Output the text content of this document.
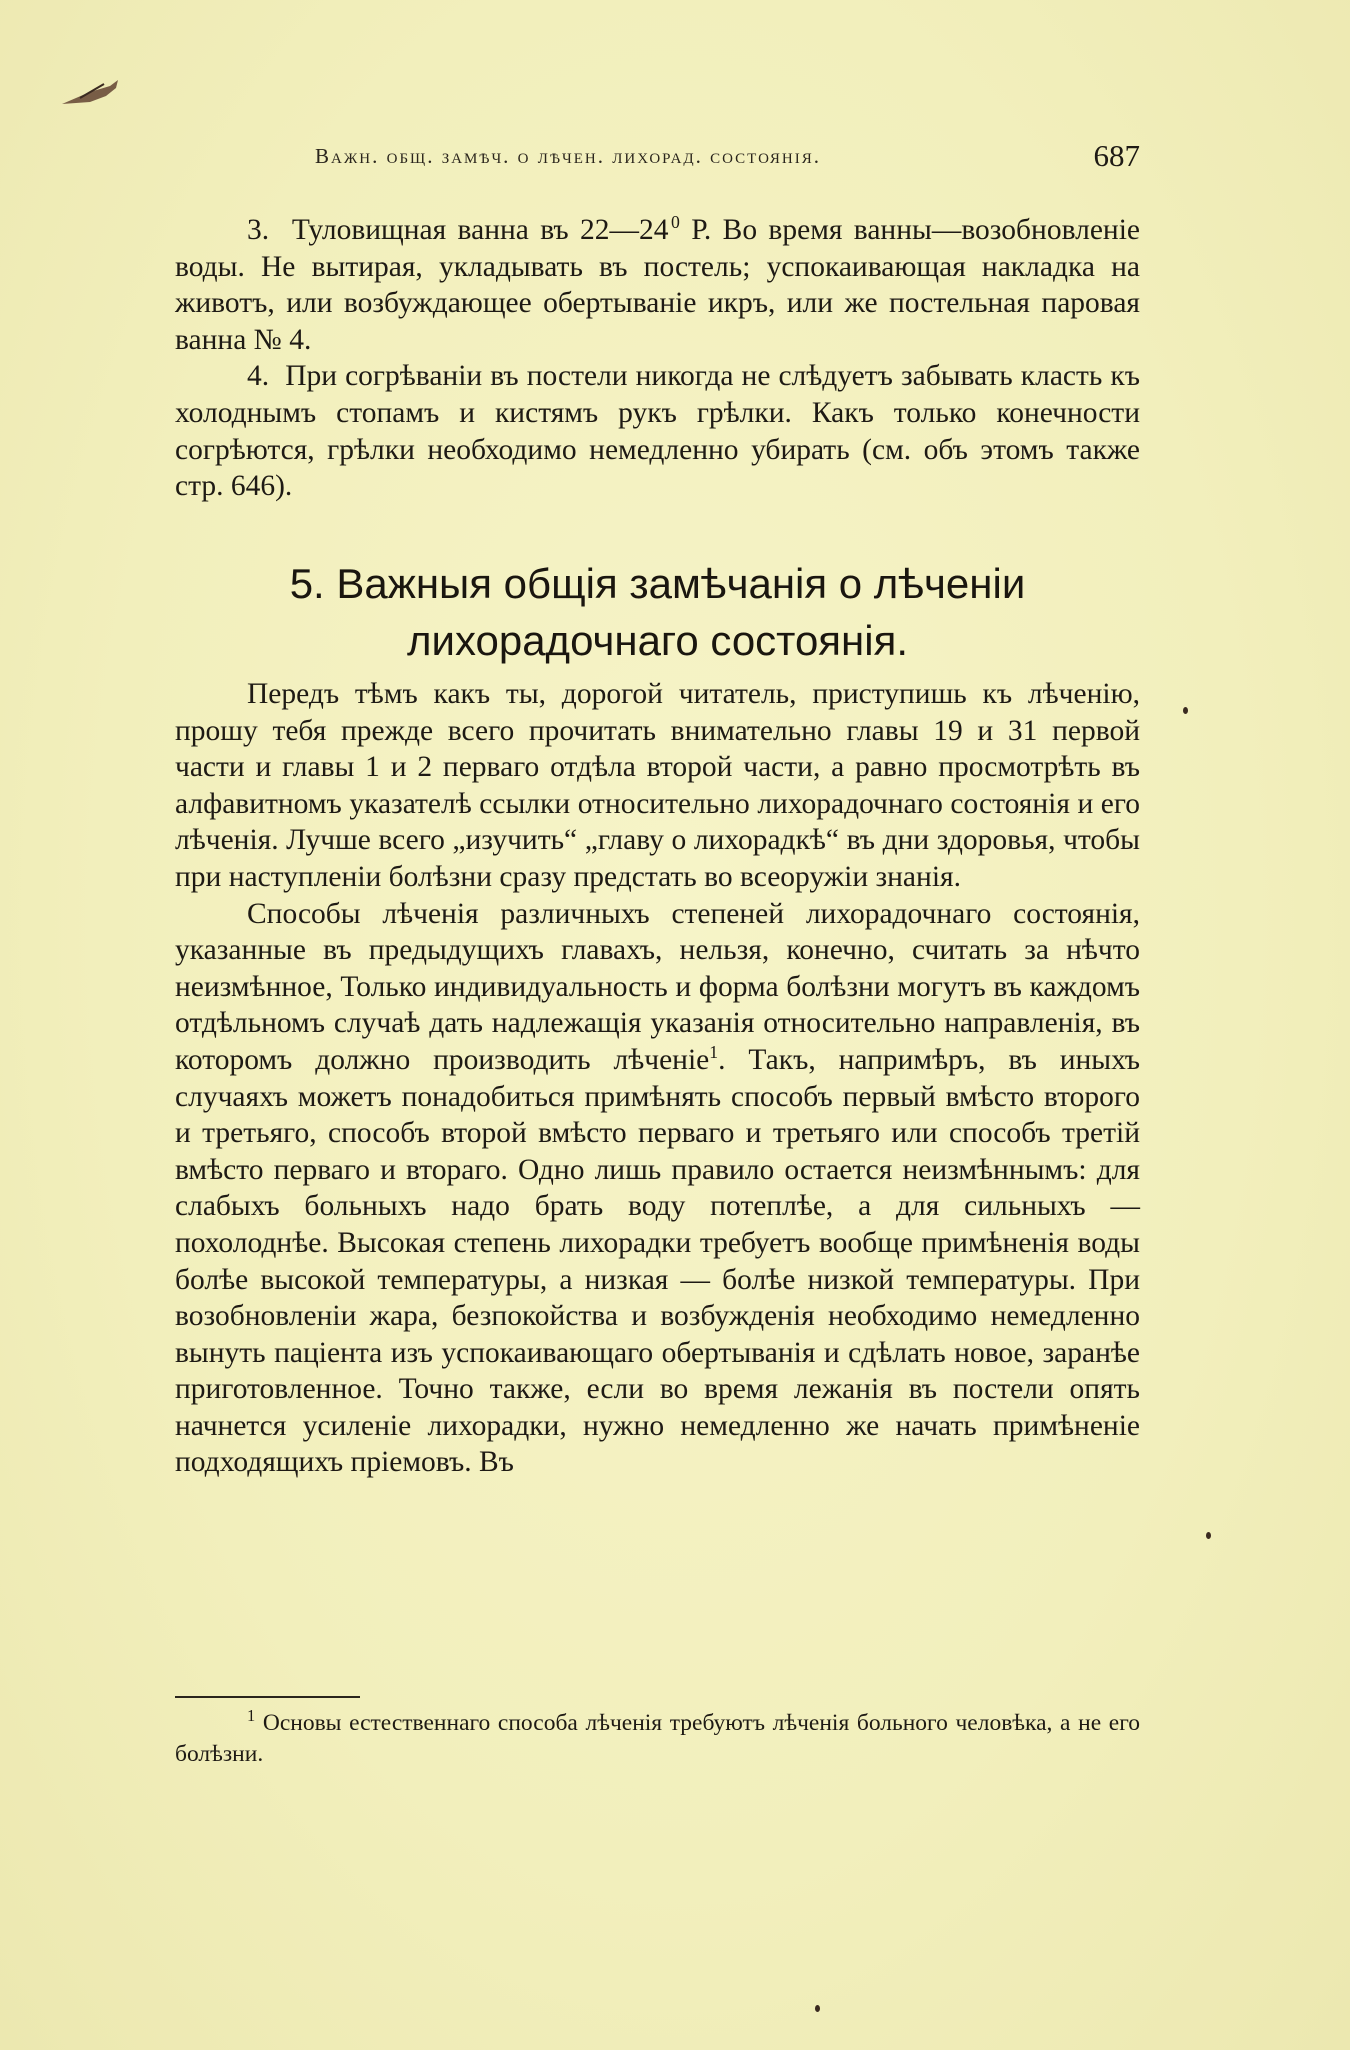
Важн. общ. замѣч. о лѣчен. лихорад. состоянія.	687

3. Туловищная ванна въ 22—24  $^0$ Р. Во время ванны—возобновленіе воды. Не вытирая, укладывать въ постель; успокаивающая накладка на животъ, или возбуждающее обертываніе икръ, или же постельная паровая ванна № 4.

4. При согрѣваніи въ постели никогда не слѣдуетъ забывать класть къ холоднымъ стопамъ и кистямъ рукъ грѣлки. Какъ только конечности согрѣются, грѣлки необходимо немедленно убирать (см. объ этомъ также стр. 646).

5. Важныя общія замѣчанія о лѣченіи
лихорадочнаго состоянія.

Передъ тѣмъ какъ ты, дорогой читатель, приступишь къ лѣченію, прошу тебя прежде всего прочитать внимательно главы 19 и 31 первой части и главы 1 и 2 перваго отдѣла второй части, а равно просмотрѣть въ алфавитномъ указателѣ ссылки относительно лихорадочнаго состоянія и его лѣченія. Лучше всего „изучить“ „главу о лихорадкѣ“ въ дни здоровья, чтобы при наступленіи болѣзни сразу предстать во всеоружіи знанія.

Способы лѣченія различныхъ степеней лихорадочнаго состоянія, указанные въ предыдущихъ главахъ, нельзя, конечно, считать за нѣчто неизмѣнное, Только индивидуальность и форма болѣзни могутъ въ каждомъ отдѣльномъ случаѣ дать надлежащія указанія относительно направленія, въ которомъ должно производить лѣченіе$^1$. Такъ, напримѣръ, въ иныхъ случаяхъ можетъ понадобиться примѣнять способъ первый вмѣсто второго и третьяго, способъ второй вмѣсто перваго и третьяго или способъ третій вмѣсто перваго и втораго. Одно лишь правило остается неизмѣннымъ: для слабыхъ больныхъ надо брать воду потеплѣе, а для сильныхъ — похолоднѣе. Высокая степень лихорадки требуетъ вообще примѣненія воды болѣе высокой температуры, а низкая — болѣе низкой температуры. При возобновленіи жара, безпокойства и возбужденія необходимо немедленно вынуть паціента изъ успокаивающаго обертыванія и сдѣлать новое, заранѣе приготовленное. Точно также, если во время лежанія въ постели опять начнется усиленіе лихорадки, нужно немедленно же начать примѣненіе подходящихъ пріемовъ. Въ

$^1$ Основы естественнаго способа лѣченія требуютъ лѣченія больного человѣка, а не его болѣзни.
